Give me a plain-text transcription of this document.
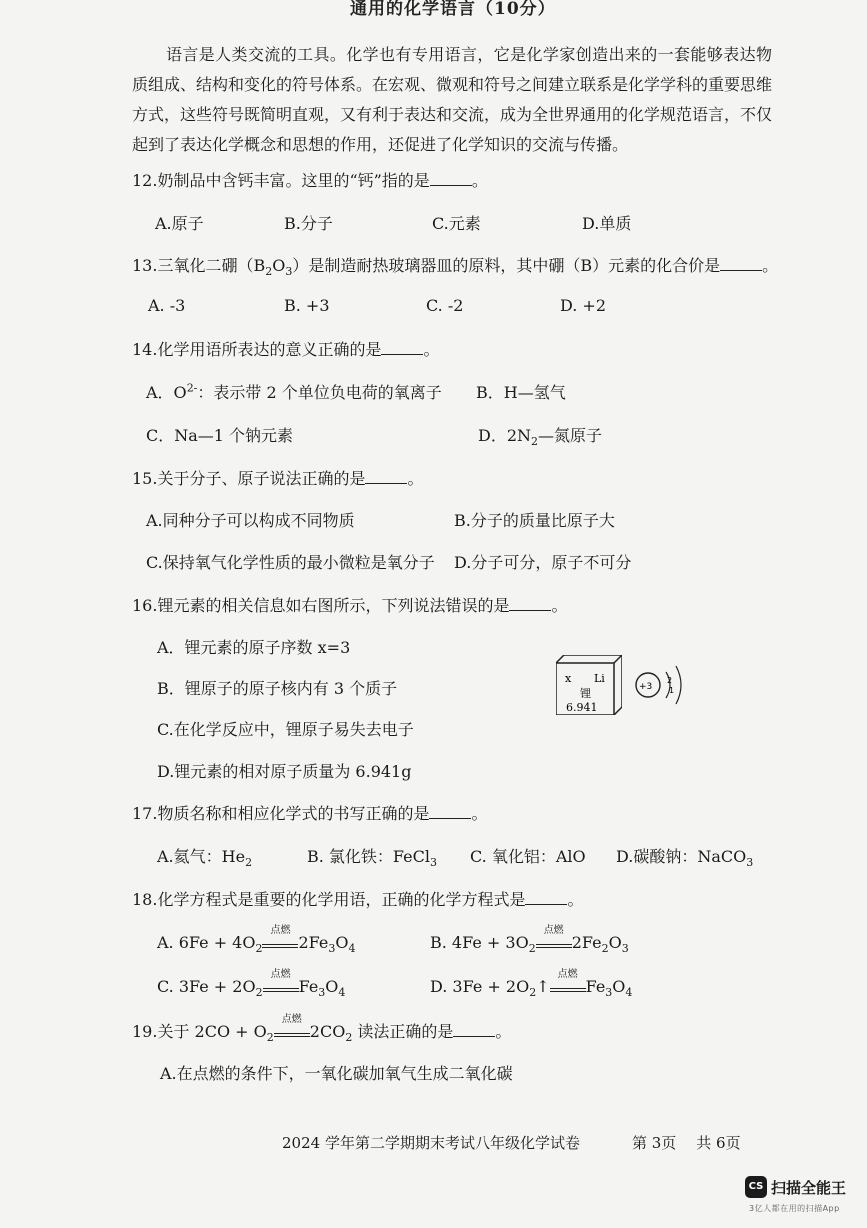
通用的化学语言（10分）
语言是人类交流的工具。化学也有专用语言，它是化学家创造出来的一套能够表达物质组成、结构和变化的符号体系。在宏观、微观和符号之间建立联系是化学学科的重要思维方式，这些符号既简明直观，又有利于表达和交流，成为全世界通用的化学规范语言，不仅起到了表达化学概念和思想的作用，还促进了化学知识的交流与传播。
12.奶制品中含钙丰富。这里的“钙”指的是	。
A.原子	B.分子	C.元素	D.单质
13.三氧化二硼$(B_2O_3)$是制造耐热玻璃器皿的原料，其中硼（B）元素的化合价是	。
A. -3	B. +3	C. -2	D. +2
14.化学用语所表达的意义正确的是	。
A．$O^{2-}$：表示带 2 个单位负电荷的氧离子 B．H—氢气
C．Na—1 个钠元素	D．$2N_2—$氮原子
15.关于分子、原子说法正确的是	。
A.同种分子可以构成不同物质	B.分子的质量比原子大
C.保持氧气化学性质的最小微粒是氧分子 D.分子可分，原子不可分
16.锂元素的相关信息如右图所示，下列说法错误的是	。
A．锂元素的原子序数 x=3
B．锂原子的原子核内有 3 个质子
C.在化学反应中，锂原子易失去电子
D.锂元素的相对原子质量为 6.941g
x Li
锂
6.941
+3
2
1
17.物质名称和相应化学式的书写正确的是	。
A.氦气：$He_2$	B. 氯化铁：FeCl$_3$ C. 氧化铝：AlO D.碳酸钠：NaCO$_3$
18.化学方程式是重要的化学用语，正确的化学方程式是	。
A. $6Fe + 4O_2$
点燃
$2Fe_3O_4$	B. $4Fe + 3O_2$
点燃
$2Fe_2O_3$
C. $3Fe + 2O_2$
点燃
$Fe_3O_4$	D. $3Fe + 2O_2↑$
点燃
$Fe_3O_4$
19.关于 $2CO + O_2$
点燃
$2CO_2$ 读法正确的是	。
A.在点燃的条件下，一氧化碳加氧气生成二氧化碳
2024 学年第二学期期末考试八年级化学试卷	第 3页 共 6页
CS 扫描全能王
3亿人都在用的扫描App
